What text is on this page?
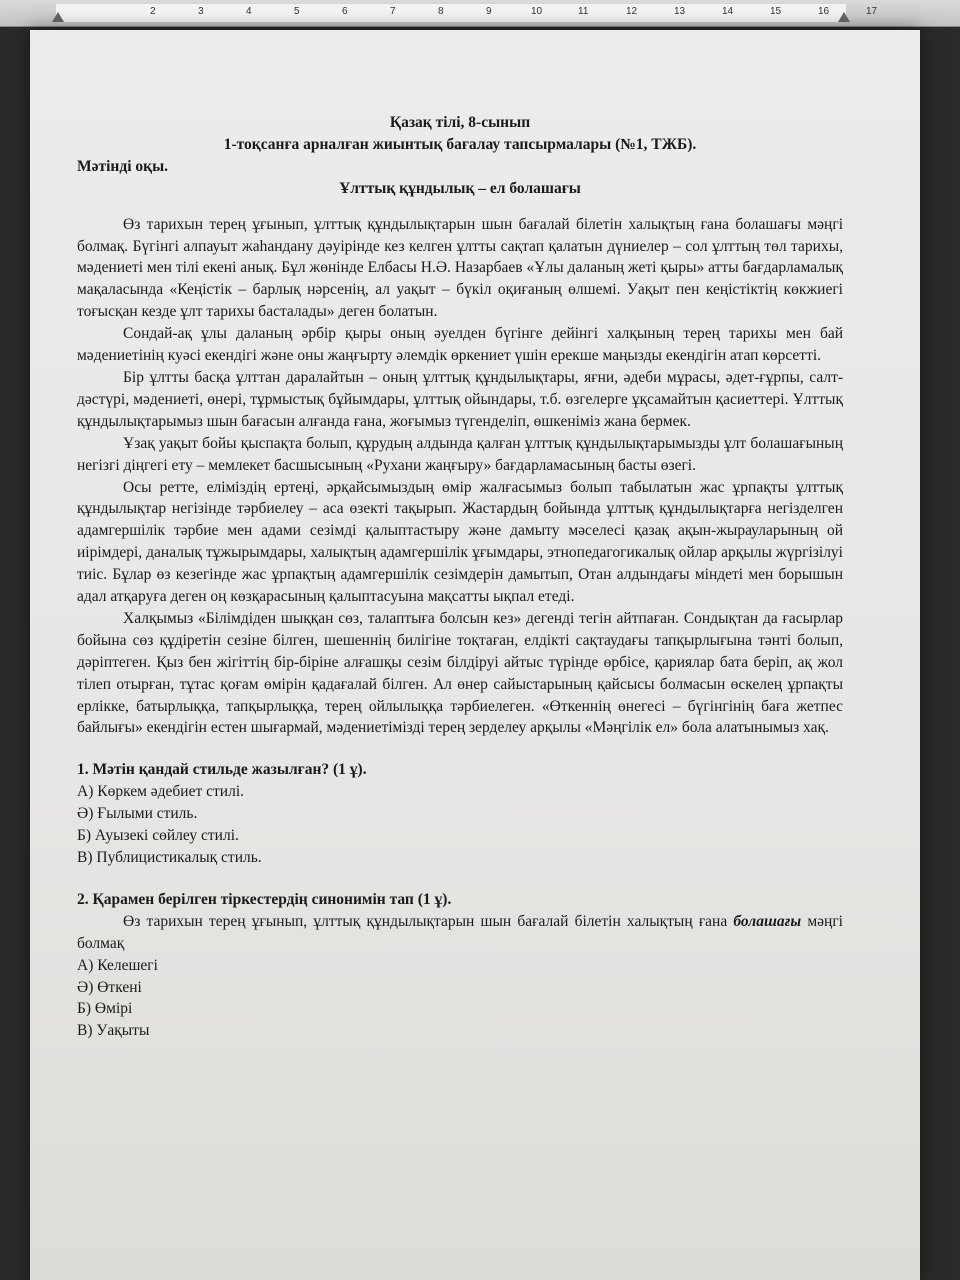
2	3	4	5	6	7	8	9	10	11	12	13	14	15	16	17
Қазақ тілі, 8-сынып
1-тоқсанға арналған жиынтық бағалау тапсырмалары (№1, ТЖБ).
Мәтінді оқы.
Ұлттық құндылық – ел болашағы

Өз тарихын терең ұғынып, ұлттық құндылықтарын шын бағалай білетін халықтың ғана болашағы мәңгі болмақ. Бүгінгі алпауыт жаһандану дәуірінде кез келген ұлтты сақтап қалатын дүниелер – сол ұлттың төл тарихы, мәдениеті мен тілі екені анық. Бұл жөнінде Елбасы Н.Ә. Назарбаев «Ұлы даланың жеті қыры» атты бағдарламалық мақаласында «Кеңістік – барлық нәрсенің, ал уақыт – бүкіл оқиғаның өлшемі. Уақыт пен кеңістіктің көкжиегі тоғысқан кезде ұлт тарихы басталады» деген болатын.

Сондай-ақ ұлы даланың әрбір қыры оның әуелден бүгінге дейінгі халқының терең тарихы мен бай мәдениетінің куәсі екендігі және оны жаңғырту әлемдік өркениет үшін ерекше маңызды екендігін атап көрсетті.

Бір ұлтты басқа ұлттан даралайтын – оның ұлттық құндылықтары, яғни, әдеби мұрасы, әдет-ғұрпы, салт-дәстүрі, мәдениеті, өнері, тұрмыстық бұйымдары, ұлттық ойындары, т.б. өзгелерге ұқсамайтын қасиеттері. Ұлттық құндылықтарымыз шын бағасын алғанда ғана, жоғымыз түгенделіп, өшкеніміз жана бермек.

Ұзақ уақыт бойы қыспақта болып, құрудың алдында қалған ұлттық құндылықтарымызды ұлт болашағының негізгі діңгегі ету – мемлекет басшысының «Рухани жаңғыру» бағдарламасының басты өзегі.

Осы ретте, еліміздің ертеңі, әрқайсымыздың өмір жалғасымыз болып табылатын жас ұрпақты ұлттық құндылықтар негізінде тәрбиелеу – аса өзекті тақырып. Жастардың бойында ұлттық құндылықтарға негізделген адамгершілік тәрбие мен адами сезімді қалыптастыру және дамыту мәселесі қазақ ақын-жырауларының ой иірімдері, даналық тұжырымдары, халықтың адамгершілік ұғымдары, этнопедагогикалық ойлар арқылы жүргізілуі тиіс. Бұлар өз кезегінде жас ұрпақтың адамгершілік сезімдерін дамытып, Отан алдындағы міндеті мен борышын адал атқаруға деген оң көзқарасының қалыптасуына мақсатты ықпал етеді.

Халқымыз «Білімдіден шыққан сөз, талаптыға болсын кез» дегенді тегін айтпаған. Сондықтан да ғасырлар бойына сөз құдіретін сезіне білген, шешеннің билігіне тоқтаған, елдікті сақтаудағы тапқырлығына тәнті болып, дәріптеген. Қыз бен жігіттің бір-біріне алғашқы сезім білдіруі айтыс түрінде өрбісе, қариялар бата беріп, ақ жол тілеп отырған, тұтас қоғам өмірін қадағалай білген. Ал өнер сайыстарының қайсысы болмасын өскелең ұрпақты ерлікке, батырлыққа, тапқырлыққа, терең ойлылыққа тәрбиелеген. «Өткеннің өнегесі – бүгінгінің баға жетпес байлығы» екендігін естен шығармай, мәдениетімізді терең зерделеу арқылы «Мәңгілік ел» бола алатынымыз хақ.

1. Мәтін қандай стильде жазылған? (1 ұ).
А) Көркем әдебиет стилі.
Ә) Ғылыми стиль.
Б) Ауызекі сөйлеу стилі.
В) Публицистикалық стиль.
2. Қарамен берілген тіркестердің синонимін тап (1 ұ).

Өз тарихын терең ұғынып, ұлттық құндылықтарын шын бағалай білетін халықтың ғана болашағы мәңгі болмақ

А) Келешегі
Ә) Өткені
Б) Өмірі
В) Уақыты
